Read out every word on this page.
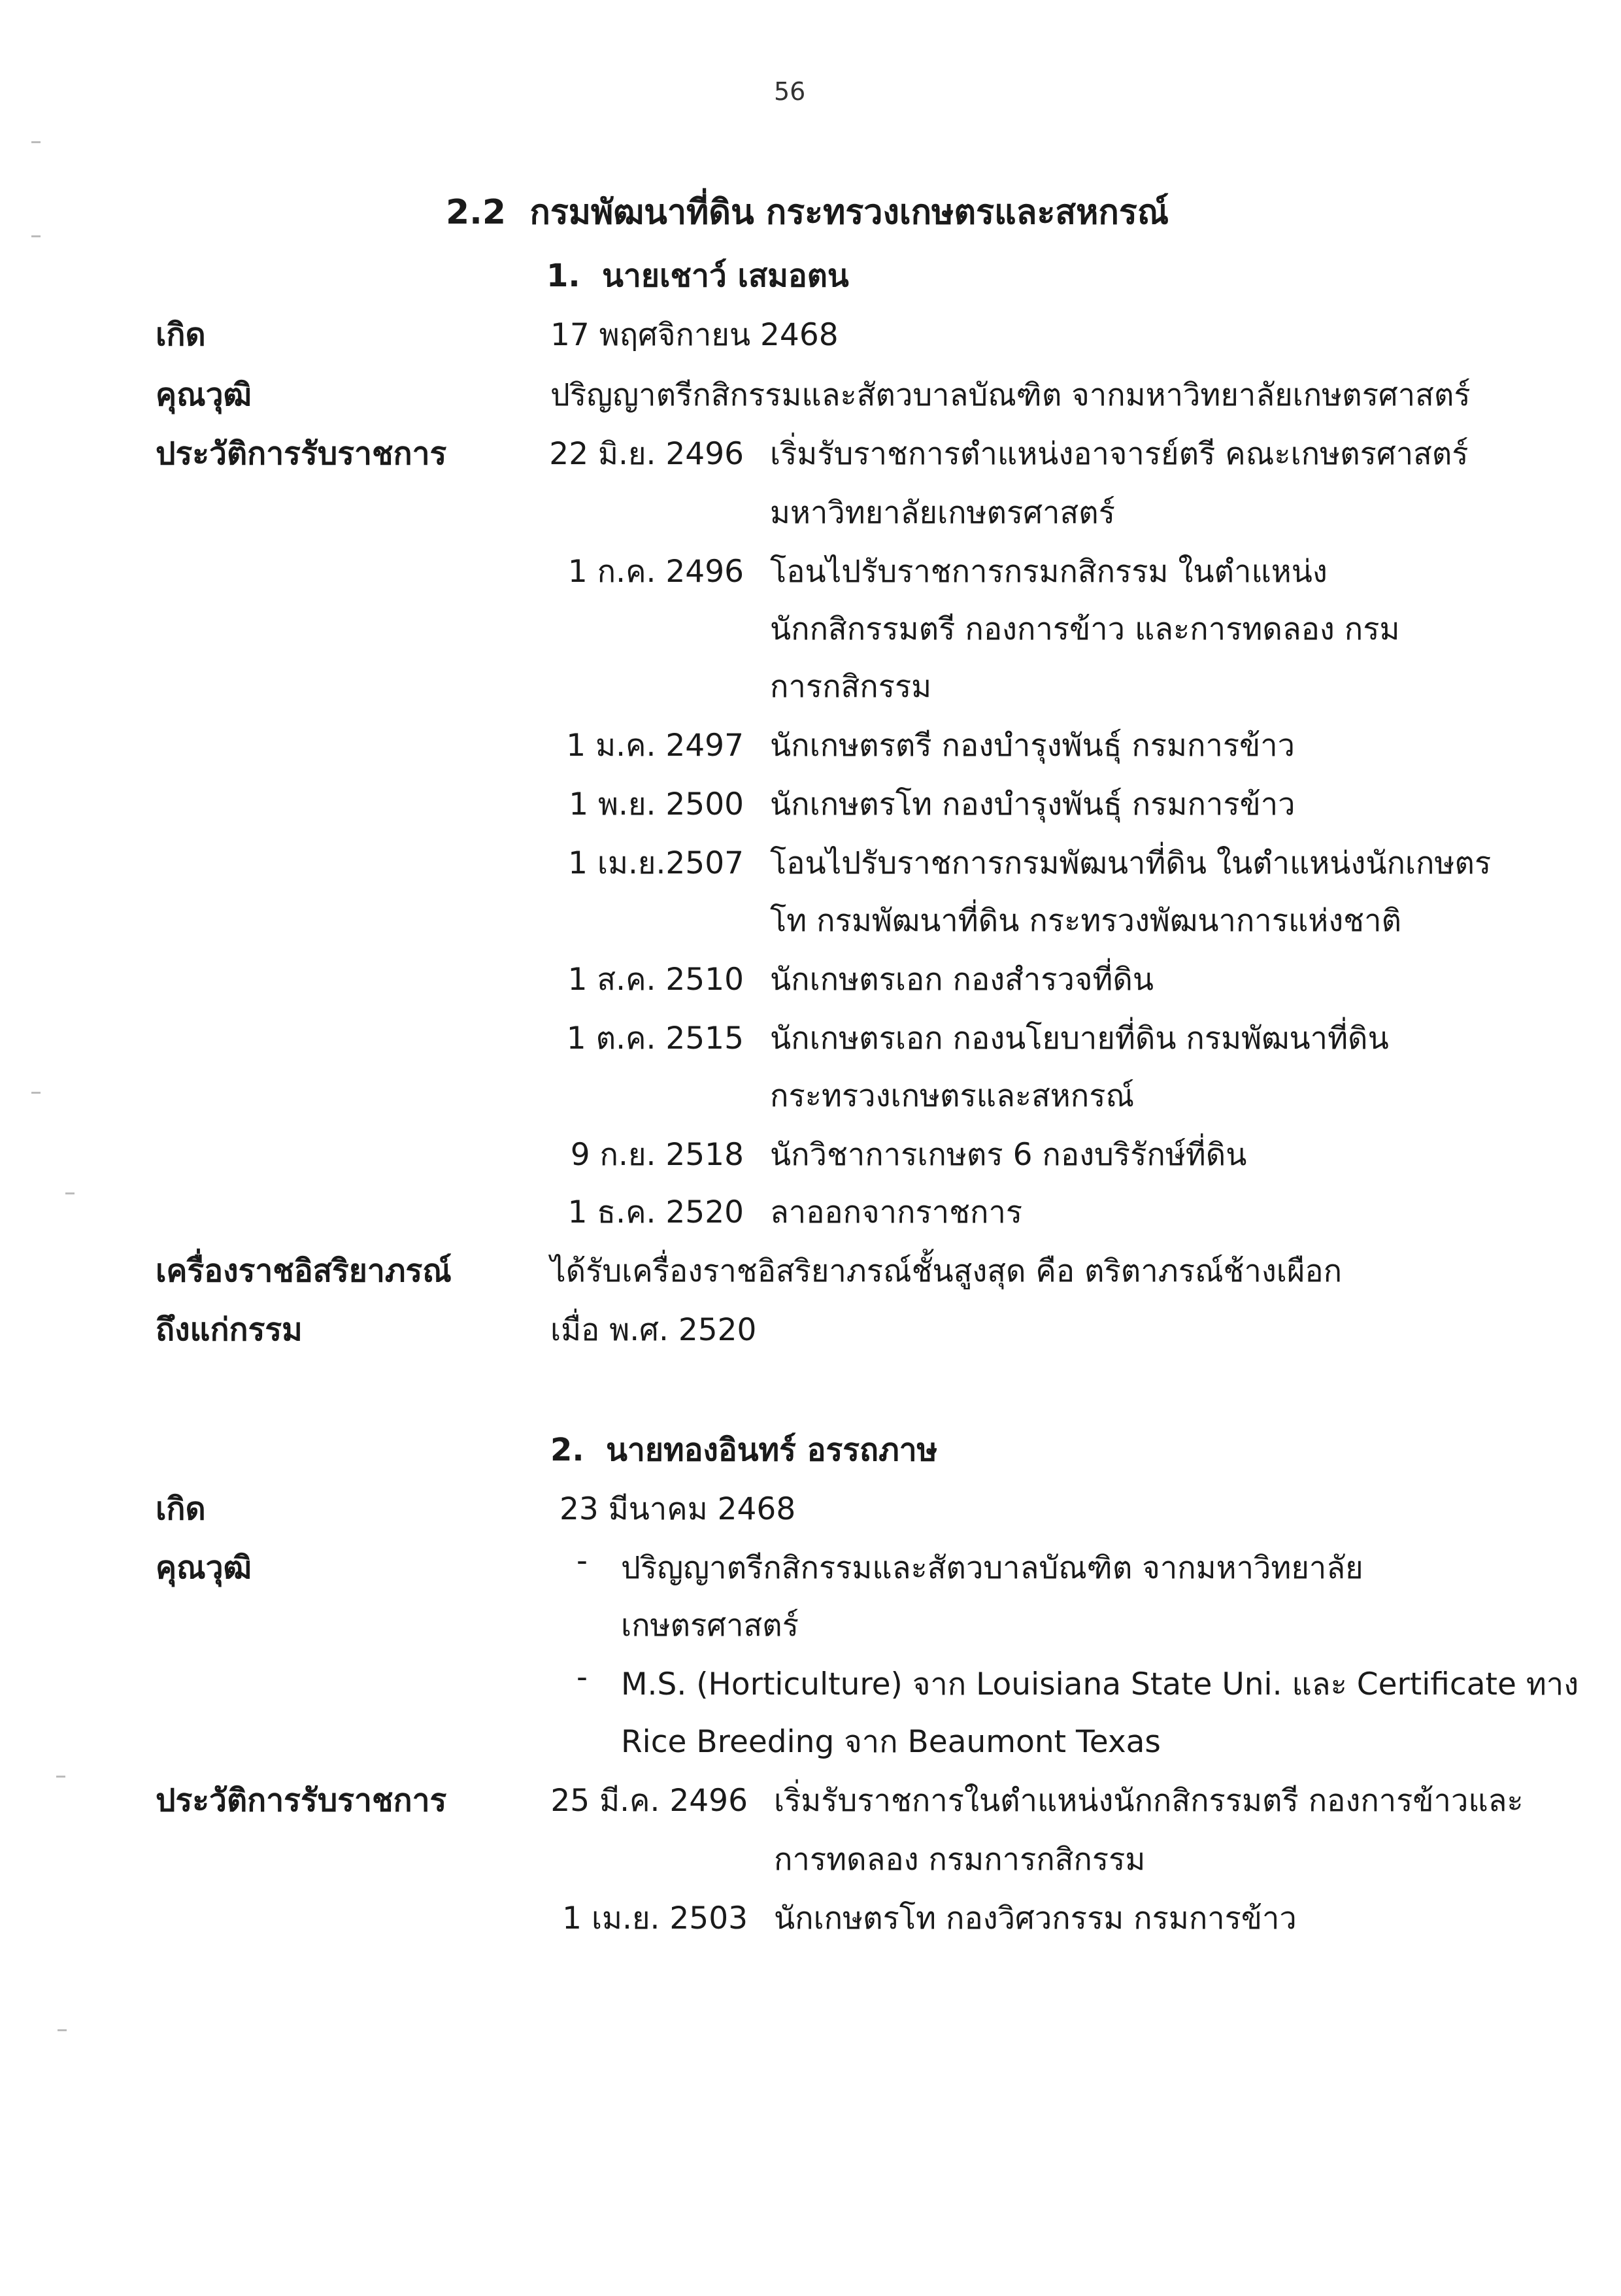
56
2.2 กรมพัฒนาที่ดิน กระทรวงเกษตรและสหกรณ์
1. นายเชาว์ เสมอตน
เกิด	17 พฤศจิกายน 2468
คุณวุฒิ	ปริญญาตรีกสิกรรมและสัตวบาลบัณฑิต จากมหาวิทยาลัยเกษตรศาสตร์
ประวัติการรับราชการ	22 มิ.ย. 2496 เริ่มรับราชการตำแหน่งอาจารย์ตรี คณะเกษตรศาสตร์
มหาวิทยาลัยเกษตรศาสตร์
1 ก.ค. 2496 โอนไปรับราชการกรมกสิกรรม ในตำแหน่ง
นักกสิกรรมตรี กองการข้าว และการทดลอง กรม
การกสิกรรม
1 ม.ค. 2497 นักเกษตรตรี กองบำรุงพันธุ์ กรมการข้าว
1 พ.ย. 2500 นักเกษตรโท กองบำรุงพันธุ์ กรมการข้าว
1 เม.ย.2507 โอนไปรับราชการกรมพัฒนาที่ดิน ในตำแหน่งนักเกษตร
โท กรมพัฒนาที่ดิน กระทรวงพัฒนาการแห่งชาติ
1 ส.ค. 2510 นักเกษตรเอก กองสำรวจที่ดิน
1 ต.ค. 2515 นักเกษตรเอก กองนโยบายที่ดิน กรมพัฒนาที่ดิน
กระทรวงเกษตรและสหกรณ์
9 ก.ย. 2518 นักวิชาการเกษตร 6 กองบริรักษ์ที่ดิน
1 ธ.ค. 2520 ลาออกจากราชการ
เครื่องราชอิสริยาภรณ์	ได้รับเครื่องราชอิสริยาภรณ์ชั้นสูงสุด คือ ตริตาภรณ์ช้างเผือก
ถึงแก่กรรม	เมื่อ พ.ศ. 2520
2. นายทองอินทร์ อรรถภาษ
เกิด	23 มีนาคม 2468
คุณวุฒิ	- ปริญญาตรีกสิกรรมและสัตวบาลบัณฑิต จากมหาวิทยาลัย
เกษตรศาสตร์
- M.S. (Horticulture) จาก Louisiana State Uni. และ Certificate ทาง
Rice Breeding จาก Beaumont Texas
ประวัติการรับราชการ	25 มี.ค. 2496 เริ่มรับราชการในตำแหน่งนักกสิกรรมตรี กองการข้าวและ
การทดลอง กรมการกสิกรรม
1 เม.ย. 2503 นักเกษตรโท กองวิศวกรรม กรมการข้าว
